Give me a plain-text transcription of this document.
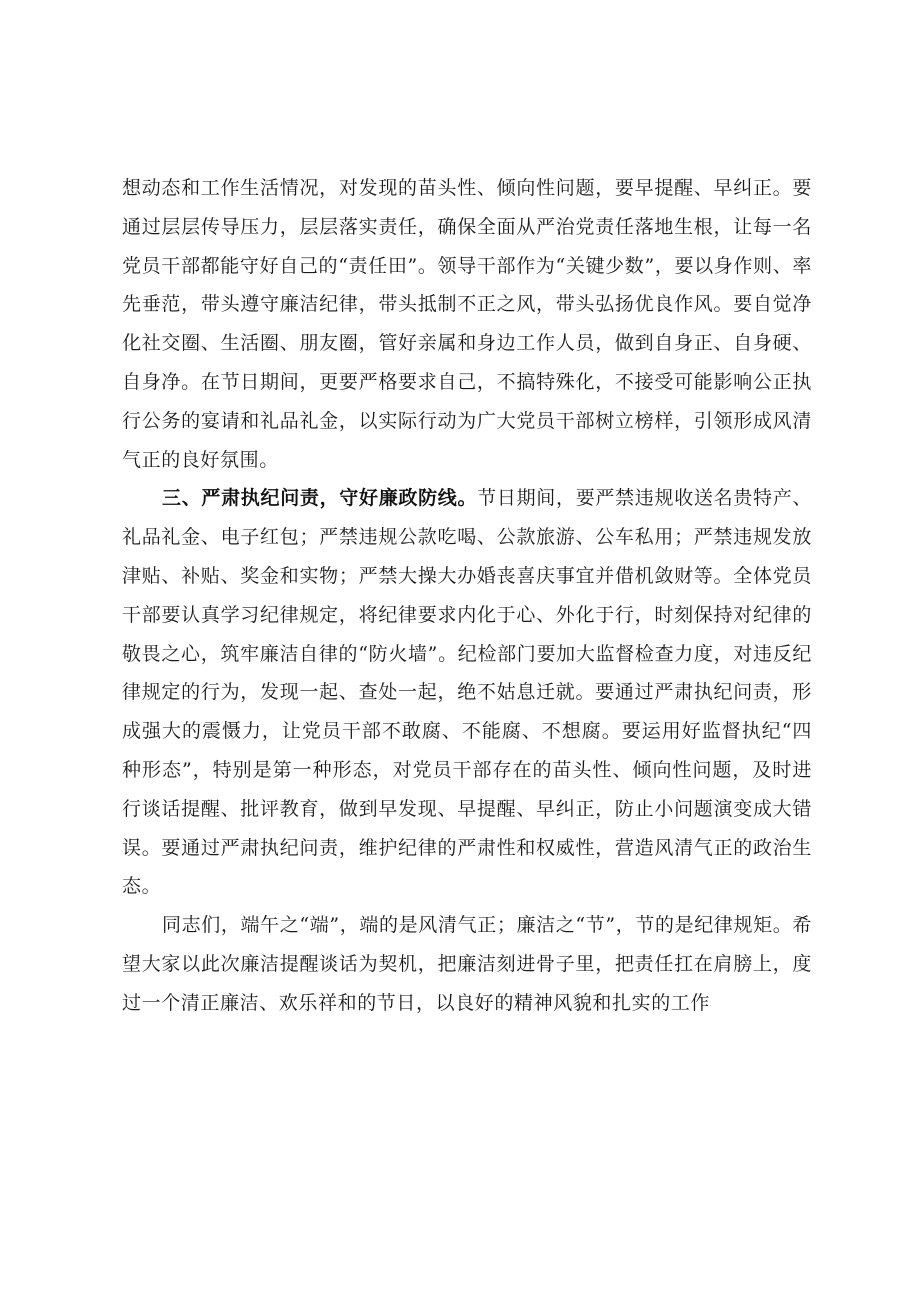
想动态和工作生活情况，对发现的苗头性、倾向性问题，要早提醒、早纠正。要通过层层传导压力，层层落实责任，确保全面从严治党责任落地生根，让每一名党员干部都能守好自己的“责任田”。领导干部作为“关键少数”，要以身作则、率先垂范，带头遵守廉洁纪律，带头抵制不正之风，带头弘扬优良作风。要自觉净化社交圈、生活圈、朋友圈，管好亲属和身边工作人员，做到自身正、自身硬、自身净。在节日期间，更要严格要求自己，不搞特殊化，不接受可能影响公正执行公务的宴请和礼品礼金，以实际行动为广大党员干部树立榜样，引领形成风清气正的良好氛围。

三、严肃执纪问责，守好廉政防线。节日期间，要严禁违规收送名贵特产、礼品礼金、电子红包；严禁违规公款吃喝、公款旅游、公车私用；严禁违规发放津贴、补贴、奖金和实物；严禁大操大办婚丧喜庆事宜并借机敛财等。全体党员干部要认真学习纪律规定，将纪律要求内化于心、外化于行，时刻保持对纪律的敬畏之心，筑牢廉洁自律的“防火墙”。纪检部门要加大监督检查力度，对违反纪律规定的行为，发现一起、查处一起，绝不姑息迁就。要通过严肃执纪问责，形成强大的震慑力，让党员干部不敢腐、不能腐、不想腐。要运用好监督执纪“四种形态”，特别是第一种形态，对党员干部存在的苗头性、倾向性问题，及时进行谈话提醒、批评教育，做到早发现、早提醒、早纠正，防止小问题演变成大错误。要通过严肃执纪问责，维护纪律的严肃性和权威性，营造风清气正的政治生态。

同志们，端午之“端”，端的是风清气正；廉洁之“节”，节的是纪律规矩。希望大家以此次廉洁提醒谈话为契机，把廉洁刻进骨子里，把责任扛在肩膀上，度过一个清正廉洁、欢乐祥和的节日，以良好的精神风貌和扎实的工作
